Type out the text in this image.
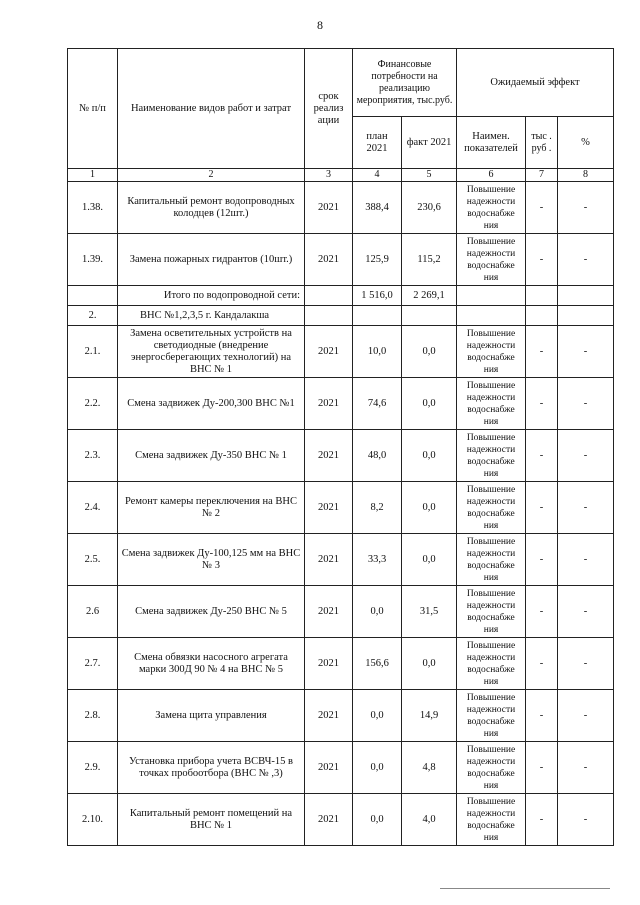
8
№ п/п	Наименование видов работ и затрат	срок реализ ации	Финансовые потребности на реализацию мероприятия, тыс.руб.		Ожидаемый эффект		
			план 2021	факт 2021	Наимен. показателей	тыс . руб .	%
1	2	3	4	5	6	7	8
1.38.	Капитальный ремонт водопроводных колодцев (12шт.)	2021	388,4	230,6	Повышение надежности водоснабже ния	-	-
1.39.	Замена пожарных гидрантов (10шт.)	2021	125,9	115,2	Повышение надежности водоснабже ния	-	-
	Итого по водопроводной сети:		1 516,0	2 269,1			
2.	ВНС №1,2,3,5 г. Кандалакша						
2.1.	Замена осветительных устройств на светодиодные (внедрение энергосберегающих технологий) на ВНС № 1	2021	10,0	0,0	Повышение надежности водоснабже ния	-	-
2.2.	Смена задвижек Ду-200,300 ВНС №1	2021	74,6	0,0	Повышение надежности водоснабже ния	-	-
2.3.	Смена задвижек Ду-350 ВНС № 1	2021	48,0	0,0	Повышение надежности водоснабже ния	-	-
2.4.	Ремонт камеры переключения на ВНС № 2	2021	8,2	0,0	Повышение надежности водоснабже ния	-	-
2.5.	Смена задвижек Ду-100,125 мм на ВНС № 3	2021	33,3	0,0	Повышение надежности водоснабже ния	-	-
2.6	Смена задвижек Ду-250 ВНС № 5	2021	0,0	31,5	Повышение надежности водоснабже ния	-	-
2.7.	Смена обвязки насосного агрегата марки 300Д 90 № 4 на ВНС № 5	2021	156,6	0,0	Повышение надежности водоснабже ния	-	-
2.8.	Замена щита управления	2021	0,0	14,9	Повышение надежности водоснабже ния	-	-
2.9.	Установка прибора учета ВСВЧ-15 в точках пробоотбора (ВНС № ,3)	2021	0,0	4,8	Повышение надежности водоснабже ния	-	-
2.10.	Капитальный ремонт помещений на ВНС № 1	2021	0,0	4,0	Повышение надежности водоснабже ния	-	-
